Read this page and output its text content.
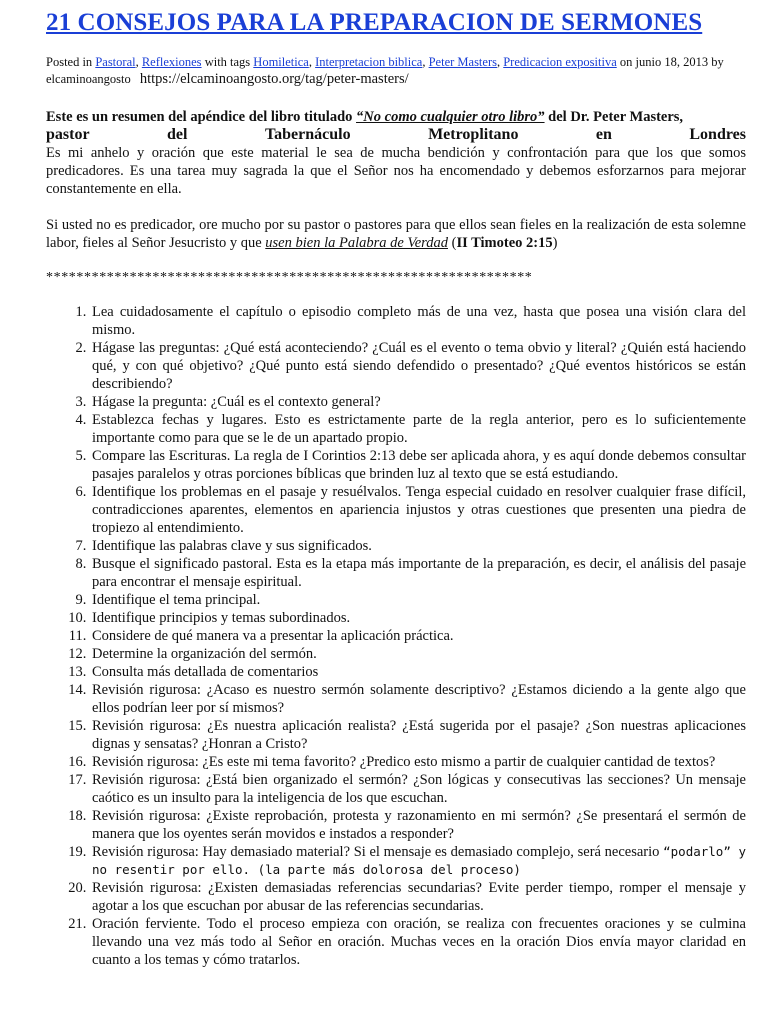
21 CONSEJOS PARA LA PREPARACION DE SERMONES
Posted in Pastoral, Reflexiones with tags Homiletica, Interpretacion biblica, Peter Masters, Predicacion expositiva on junio 18, 2013 by
elcaminoangosto https://elcaminoangosto.org/tag/peter-masters/

Este es un resumen del apéndice del libro titulado “No como cualquier otro libro” del Dr. Peter Masters,

pastor	del	Tabernáculo	Metroplitano	en	Londres

Es mi anhelo y oración que este material le sea de mucha bendición y confrontación para que los que somos predicadores. Es una tarea muy sagrada la que el Señor nos ha encomendado y debemos esforzarnos para mejorar constantemente en ella.

Si usted no es predicador, ore mucho por su pastor o pastores para que ellos sean fieles en la realización de esta solemne labor, fieles al Señor Jesucristo y que usen bien la Palabra de Verdad (II Timoteo 2:15)

****************************************************************
1. Lea cuidadosamente el capítulo o episodio completo más de una vez, hasta que posea una visión clara del mismo.
2. Hágase las preguntas: ¿Qué está aconteciendo? ¿Cuál es el evento o tema obvio y literal? ¿Quién está haciendo qué, y con qué objetivo? ¿Qué punto está siendo defendido o presentado? ¿Qué eventos históricos se están describiendo?
3. Hágase la pregunta: ¿Cuál es el contexto general?
4. Establezca fechas y lugares. Esto es estrictamente parte de la regla anterior, pero es lo suficientemente importante como para que se le de un apartado propio.
5. Compare las Escrituras. La regla de I Corintios 2:13 debe ser aplicada ahora, y es aquí donde debemos consultar pasajes paralelos y otras porciones bíblicas que brinden luz al texto que se está estudiando.
6. Identifique los problemas en el pasaje y resuélvalos. Tenga especial cuidado en resolver cualquier frase difícil, contradicciones aparentes, elementos en apariencia injustos y otras cuestiones que presenten una piedra de tropiezo al entendimiento.
7. Identifique las palabras clave y sus significados.
8. Busque el significado pastoral. Esta es la etapa más importante de la preparación, es decir, el análisis del pasaje para encontrar el mensaje espiritual.
9. Identifique el tema principal.
10. Identifique principios y temas subordinados.
11. Considere de qué manera va a presentar la aplicación práctica.
12. Determine la organización del sermón.
13. Consulta más detallada de comentarios
14. Revisión rigurosa: ¿Acaso es nuestro sermón solamente descriptivo? ¿Estamos diciendo a la gente algo que ellos podrían leer por sí mismos?
15. Revisión rigurosa: ¿Es nuestra aplicación realista? ¿Está sugerida por el pasaje? ¿Son nuestras aplicaciones dignas y sensatas? ¿Honran a Cristo?
16. Revisión rigurosa: ¿Es este mi tema favorito? ¿Predico esto mismo a partir de cualquier cantidad de textos?
17. Revisión rigurosa: ¿Está bien organizado el sermón? ¿Son lógicas y consecutivas las secciones? Un mensaje caótico es un insulto para la inteligencia de los que escuchan.
18. Revisión rigurosa: ¿Existe reprobación, protesta y razonamiento en mi sermón? ¿Se presentará el sermón de manera que los oyentes serán movidos e instados a responder?
19. Revisión rigurosa: Hay demasiado material? Si el mensaje es demasiado complejo, será necesario “podarlo” y no resentir por ello. (la parte más dolorosa del proceso)
20. Revisión rigurosa: ¿Existen demasiadas referencias secundarias? Evite perder tiempo, romper el mensaje y agotar a los que escuchan por abusar de las referencias secundarias.
21. Oración ferviente. Todo el proceso empieza con oración, se realiza con frecuentes oraciones y se culmina llevando una vez más todo al Señor en oración. Muchas veces en la oración Dios envía mayor claridad en cuanto a los temas y cómo tratarlos.
